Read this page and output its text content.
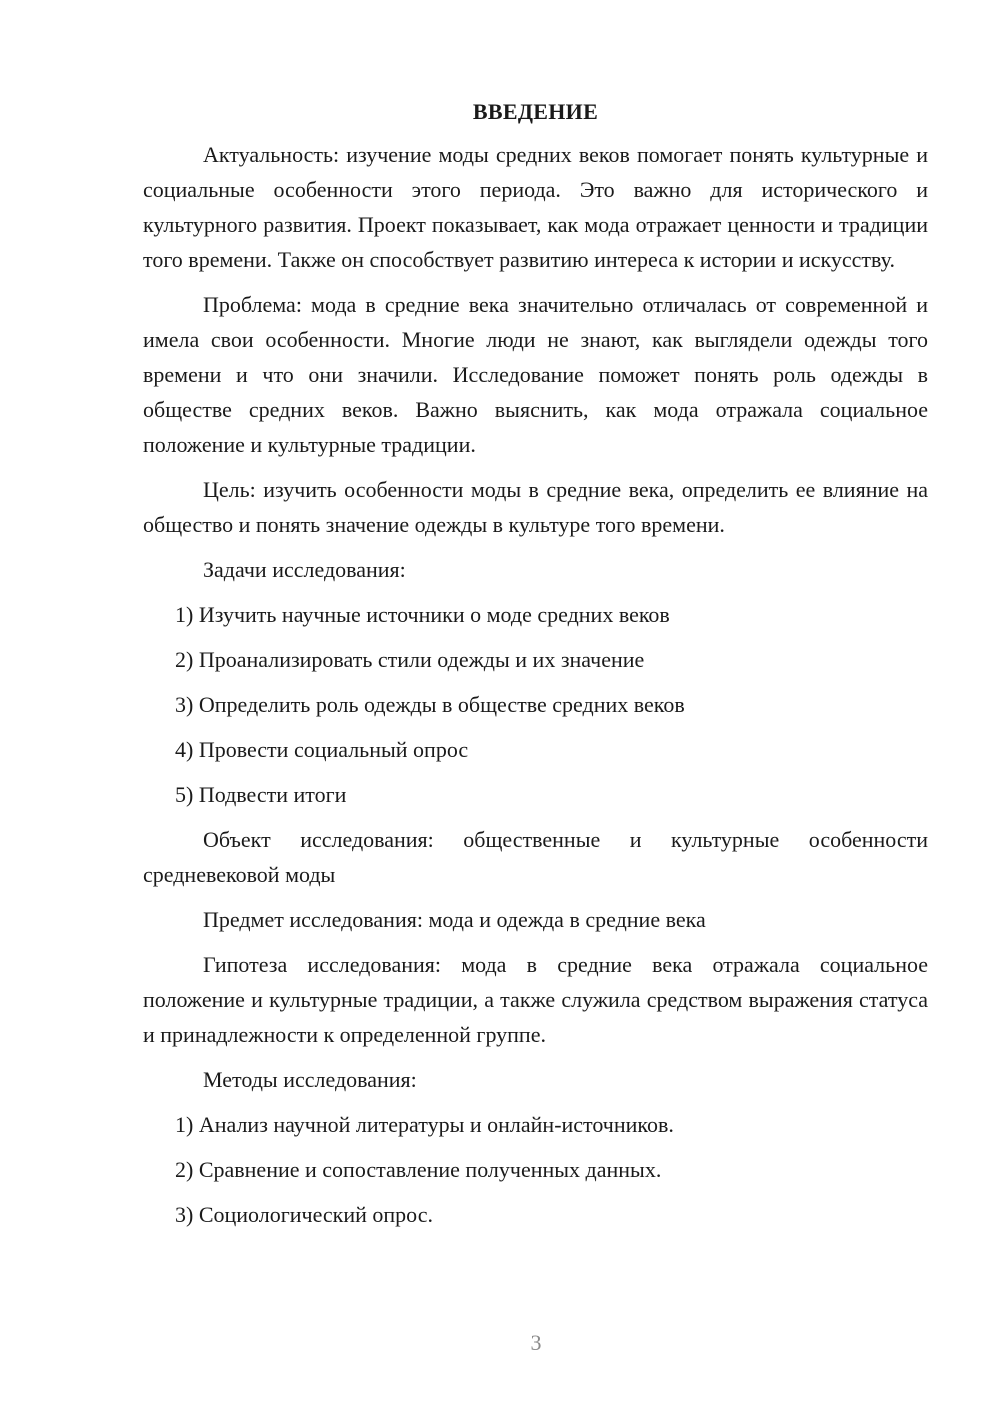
ВВЕДЕНИЕ

Актуальность: изучение моды средних веков помогает понять культурные и социальные особенности этого периода. Это важно для исторического и культурного развития. Проект показывает, как мода отражает ценности и традиции того времени. Также он способствует развитию интереса к истории и искусству.

Проблема: мода в средние века значительно отличалась от современной и имела свои особенности. Многие люди не знают, как выглядели одежды того времени и что они значили. Исследование поможет понять роль одежды в обществе средних веков. Важно выяснить, как мода отражала социальное положение и культурные традиции.

Цель: изучить особенности моды в средние века, определить ее влияние на общество и понять значение одежды в культуре того времени.

Задачи исследования:

1) Изучить научные источники о моде средних веков
2) Проанализировать стили одежды и их значение
3) Определить роль одежды в обществе средних веков
4) Провести социальный опрос
5) Подвести итоги

Объект исследования: общественные и культурные особенности средневековой моды

Предмет исследования: мода и одежда в средние века

Гипотеза исследования: мода в средние века отражала социальное положение и культурные традиции, а также служила средством выражения статуса и принадлежности к определенной группе.

Методы исследования:

1) Анализ научной литературы и онлайн-источников.
2) Сравнение и сопоставление полученных данных.
3) Социологический опрос.
3
